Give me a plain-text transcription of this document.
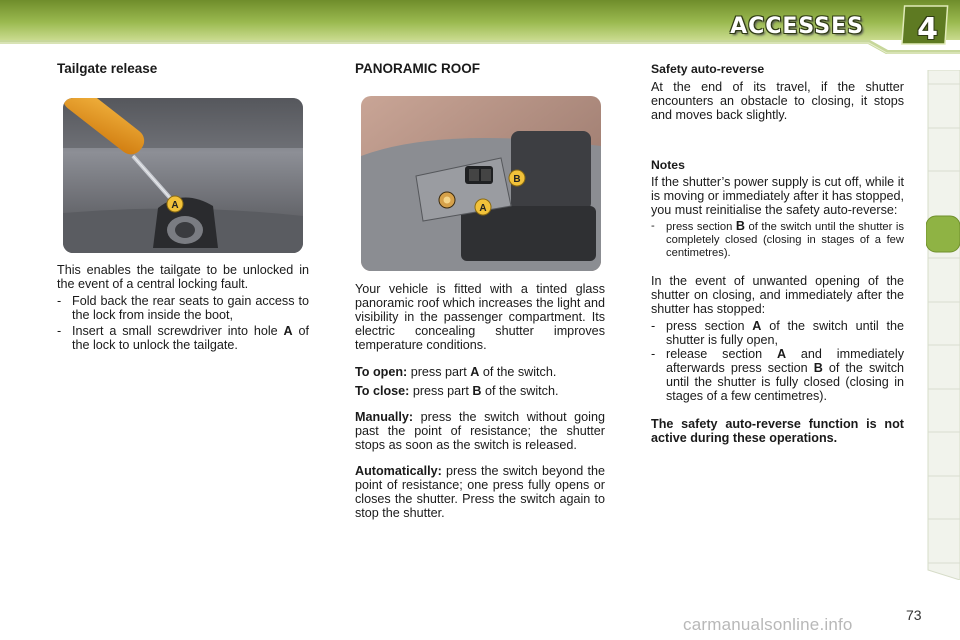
ACCESSES 4
Tailgate release
A

This enables the tailgate to be unlocked in the event of a central locking fault.

- Fold back the rear seats to gain access to the lock from inside the boot,
- Insert a small screwdriver into hole A of the lock to unlock the tailgate.
PANORAMIC ROOF
A
B

Your vehicle is fitted with a tinted glass panoramic roof which increases the light and visibility in the passenger compartment. Its electric concealing shutter improves temperature conditions.

To open: press part A of the switch.

To close: press part B of the switch.

Manually: press the switch without going past the point of resistance; the shutter stops as soon as the switch is released.

Automatically: press the switch beyond the point of resistance; one press fully opens or closes the shutter. Press the switch again to stop the shutter.

Safety auto-reverse

At the end of its travel, if the shutter encounters an obstacle to closing, it stops and moves back slightly.

Notes

If the shutter’s power supply is cut off, while it is moving or immediately after it has stopped, you must reinitialise the safety auto-reverse:

- press section B of the switch until the shutter is completely closed (closing in stages of a few centimetres).

In the event of unwanted opening of the shutter on closing, and immediately after the shutter has stopped:

- press section A of the switch until the shutter is fully open,
- release section A and immediately afterwards press section B of the switch until the shutter is fully closed (closing in stages of a few centimetres).

The safety auto-reverse function is not active during these operations.

73
carmanualsonline.info
